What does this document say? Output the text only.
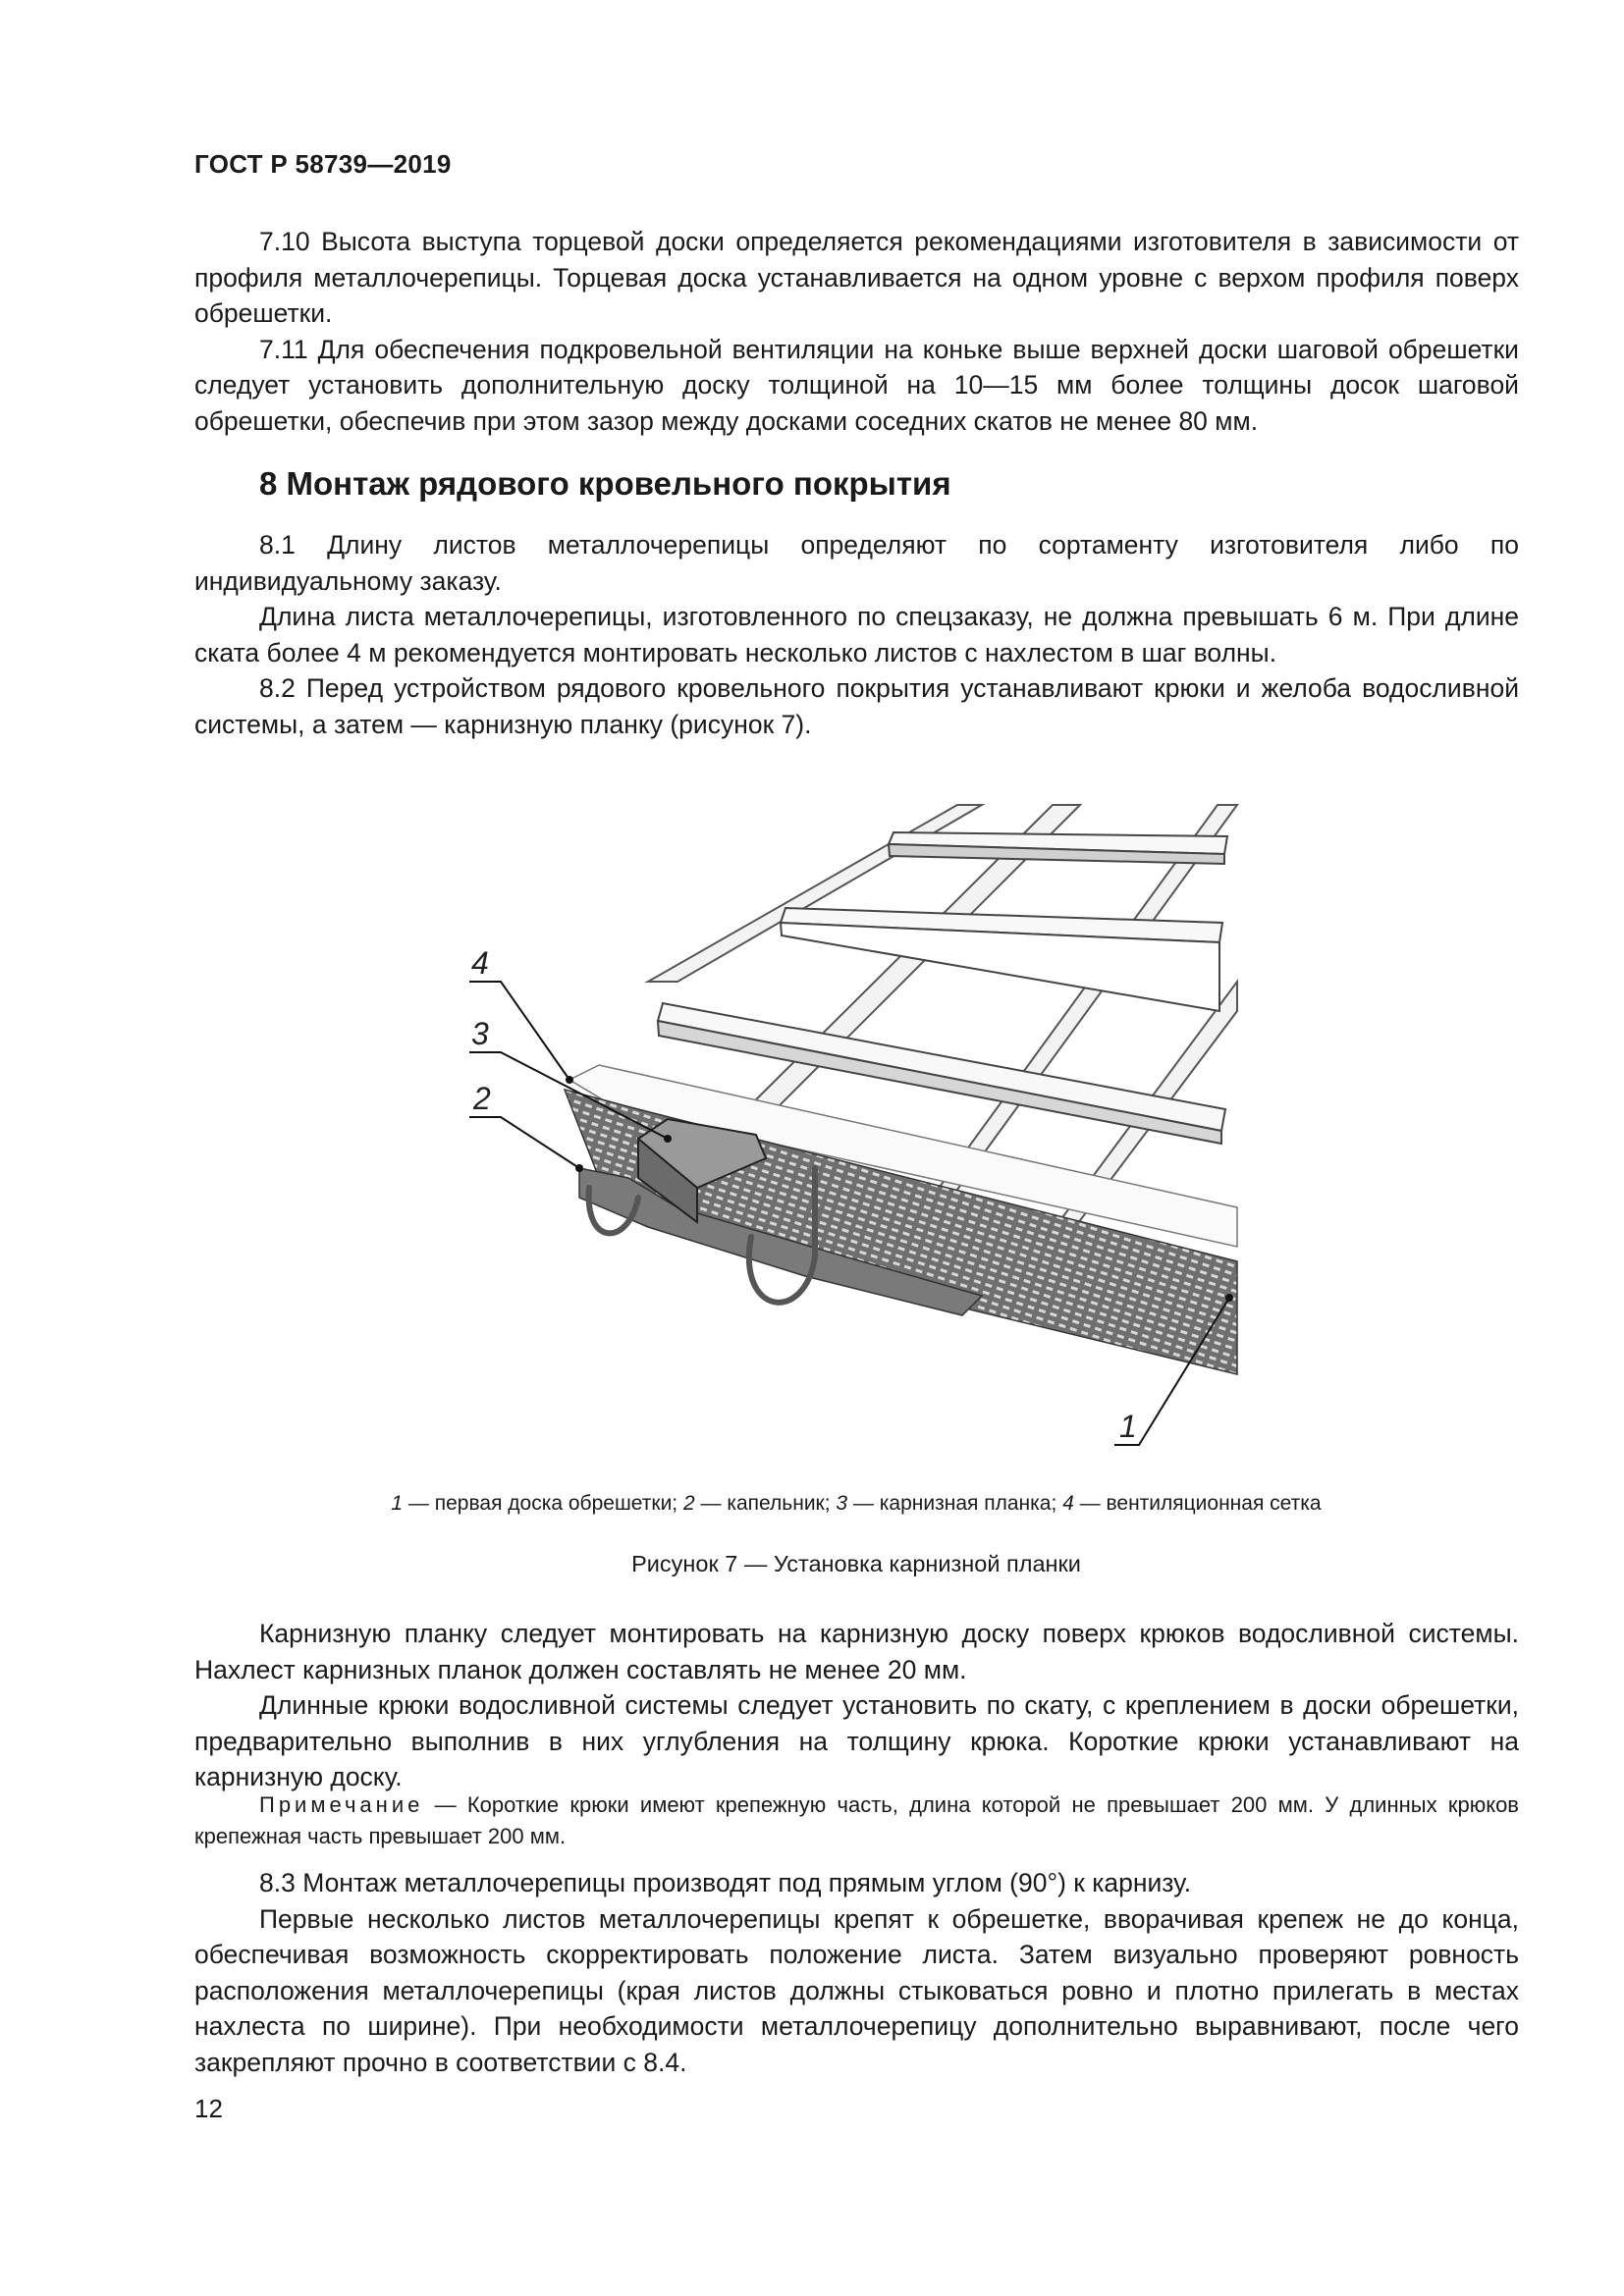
ГОСТ Р 58739—2019

7.10 Высота выступа торцевой доски определяется рекомендациями изготовителя в зависимости от профиля металлочерепицы. Торцевая доска устанавливается на одном уровне с верхом профиля поверх обрешетки.

7.11 Для обеспечения подкровельной вентиляции на коньке выше верхней доски шаговой обрешетки следует установить дополнительную доску толщиной на 10—15 мм более толщины досок шаговой обрешетки, обеспечив при этом зазор между досками соседних скатов не менее 80 мм.

8 Монтаж рядового кровельного покрытия

8.1 Длину листов металлочерепицы определяют по сортаменту изготовителя либо по индивидуальному заказу.

Длина листа металлочерепицы, изготовленного по спецзаказу, не должна превышать 6 м. При длине ската более 4 м рекомендуется монтировать несколько листов с нахлестом в шаг волны.

8.2 Перед устройством рядового кровельного покрытия устанавливают крюки и желоба водосливной системы, а затем — карнизную планку (рисунок 7).

4
3
2
1
1 — первая доска обрешетки; 2 — капельник; 3 — карнизная планка; 4 — вентиляционная сетка
Рисунок 7 — Установка карнизной планки

Карнизную планку следует монтировать на карнизную доску поверх крюков водосливной системы. Нахлест карнизных планок должен составлять не менее 20 мм.

Длинные крюки водосливной системы следует установить по скату, с креплением в доски обрешетки, предварительно выполнив в них углубления на толщину крюка. Короткие крюки устанавливают на карнизную доску.

Примечание — Короткие крюки имеют крепежную часть, длина которой не превышает 200 мм. У длинных крюков крепежная часть превышает 200 мм.

8.3 Монтаж металлочерепицы производят под прямым углом (90°) к карнизу.

Первые несколько листов металлочерепицы крепят к обрешетке, вворачивая крепеж не до конца, обеспечивая возможность скорректировать положение листа. Затем визуально проверяют ровность расположения металлочерепицы (края листов должны стыковаться ровно и плотно прилегать в местах нахлеста по ширине). При необходимости металлочерепицу дополнительно выравнивают, после чего закрепляют прочно в соответствии с 8.4.

12
